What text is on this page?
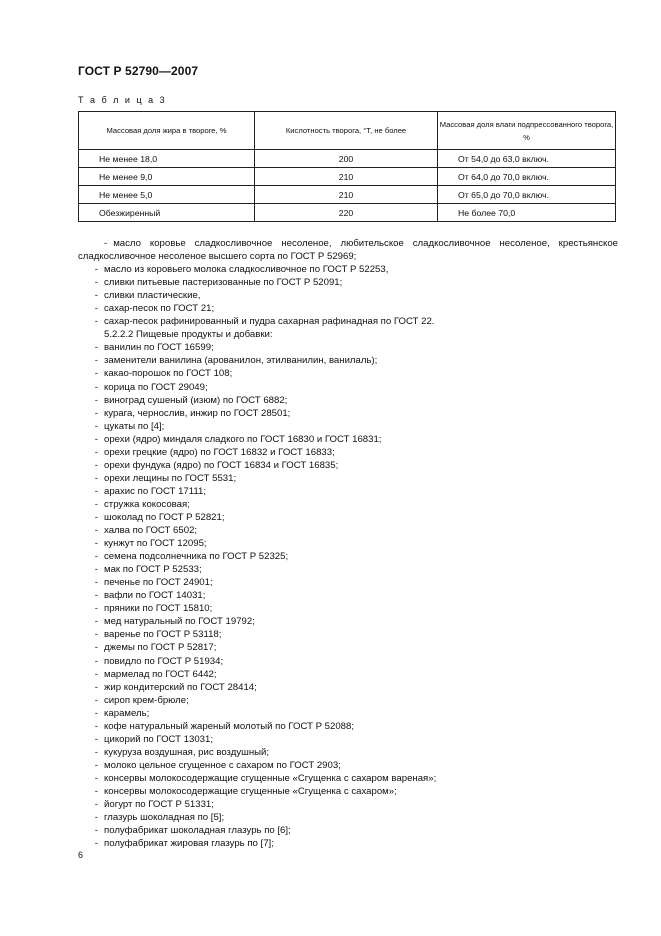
ГОСТ Р 52790—2007
Т а б л и ц а 3
Массовая доля жира в твороге, %	Кислотность творога, °Т, не более	Массовая доля влаги подпрессованного творога, %
Не менее 18,0	200	От 54,0 до 63,0 включ.
Не менее 9,0	210	От 64,0 до 70,0 включ.
Не менее 5,0	210	От 65,0 до 70,0 включ.
Обезжиренный	220	Не более 70,0
- масло коровье сладкосливочное несоленое, любительское сладкосливочное несоленое, крестьянское сладкосливочное несоленое высшего сорта по ГОСТ Р 52969;
- масло из коровьего молока сладкосливочное по ГОСТ Р 52253,
- сливки питьевые пастеризованные по ГОСТ Р 52091;
- сливки пластические,
- сахар-песок по ГОСТ 21;
- сахар-песок рафинированный и пудра сахарная рафинадная по ГОСТ 22.
5.2.2.2 Пищевые продукты и добавки:
- ванилин по ГОСТ 16599;
- заменители ванилина (арованилон, этилванилин, ванилаль);
- какао-порошок по ГОСТ 108;
- корица по ГОСТ 29049;
- виноград сушеный (изюм) по ГОСТ 6882;
- курага, чернослив, инжир по ГОСТ 28501;
- цукаты по [4];
- орехи (ядро) миндаля сладкого по ГОСТ 16830 и ГОСТ 16831;
- орехи грецкие (ядро) по ГОСТ 16832 и ГОСТ 16833;
- орехи фундука (ядро) по ГОСТ 16834 и ГОСТ 16835;
- орехи лещины по ГОСТ 5531;
- арахис по ГОСТ 17111;
- стружка кокосовая;
- шоколад по ГОСТ Р 52821;
- халва по ГОСТ 6502;
- кунжут по ГОСТ 12095;
- семена подсолнечника по ГОСТ Р 52325;
- мак по ГОСТ Р 52533;
- печенье по ГОСТ 24901;
- вафли по ГОСТ 14031;
- пряники по ГОСТ 15810;
- мед натуральный по ГОСТ 19792;
- варенье по ГОСТ Р 53118;
- джемы по ГОСТ Р 52817;
- повидло по ГОСТ Р 51934;
- мармелад по ГОСТ 6442;
- жир кондитерский по ГОСТ 28414;
- сироп крем-брюле;
- карамель;
- кофе натуральный жареный молотый по ГОСТ Р 52088;
- цикорий по ГОСТ 13031;
- кукуруза воздушная, рис воздушный;
- молоко цельное сгущенное с сахаром по ГОСТ 2903;
- консервы молокосодержащие сгущенные «Сгущенка с сахаром вареная»;
- консервы молокосодержащие сгущенные «Сгущенка с сахаром»;
- йогурт по ГОСТ Р 51331;
- глазурь шоколадная по [5];
- полуфабрикат шоколадная глазурь по [6];
- полуфабрикат жировая глазурь по [7];
6
